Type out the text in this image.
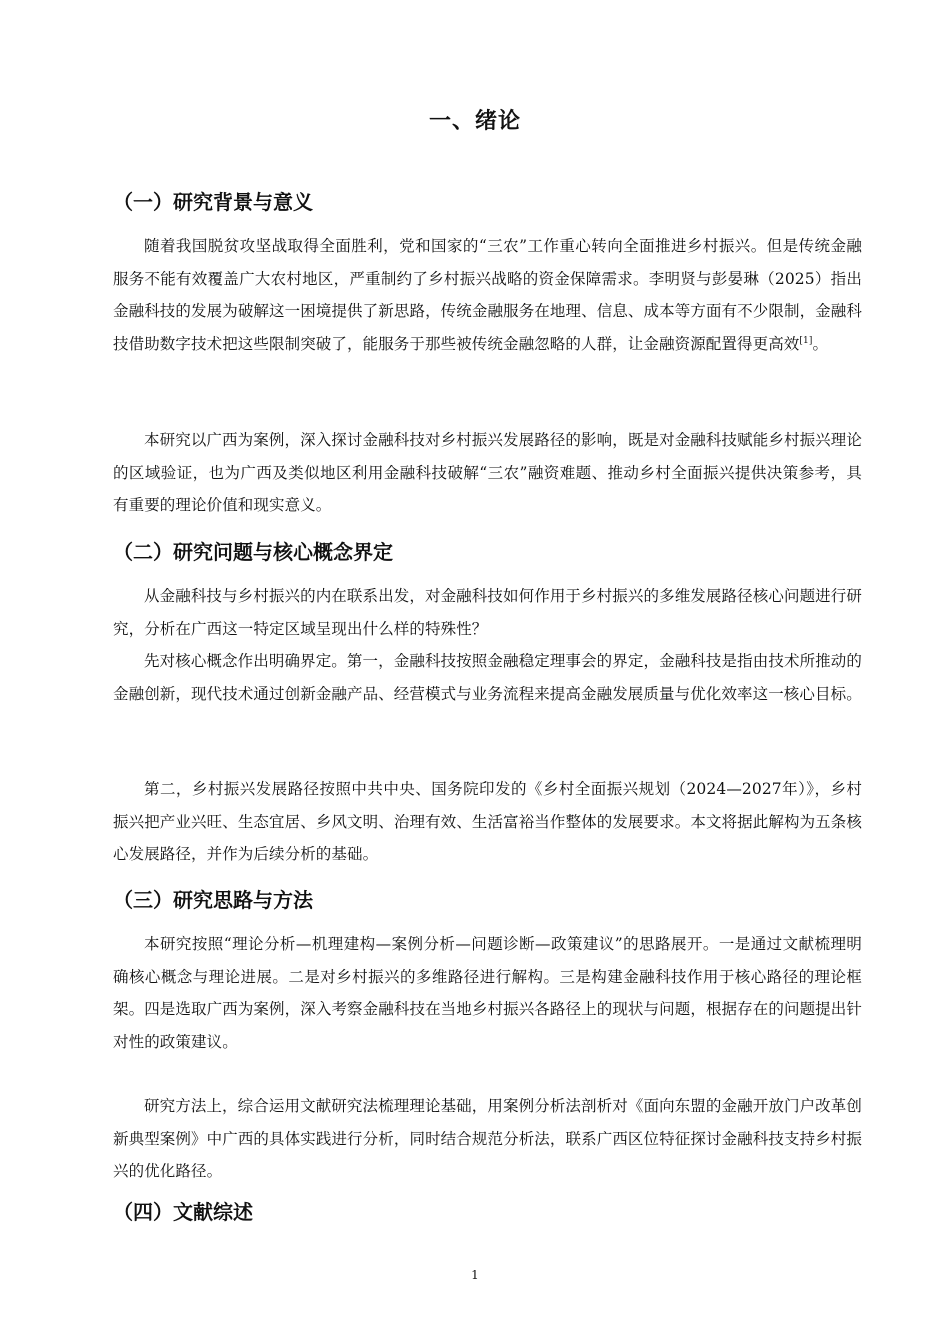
一、绪论
（一）研究背景与意义

随着我国脱贫攻坚战取得全面胜利，党和国家的“三农”工作重心转向全面推进乡村振兴。但是传统金融服务不能有效覆盖广大农村地区，严重制约了乡村振兴战略的资金保障需求。李明贤与彭晏琳（2025）指出金融科技的发展为破解这一困境提供了新思路，传统金融服务在地理、信息、成本等方面有不少限制，金融科技借助数字技术把这些限制突破了，能服务于那些被传统金融忽略的人群，让金融资源配置得更高效[1]。

本研究以广西为案例，深入探讨金融科技对乡村振兴发展路径的影响，既是对金融科技赋能乡村振兴理论的区域验证，也为广西及类似地区利用金融科技破解“三农”融资难题、推动乡村全面振兴提供决策参考，具有重要的理论价值和现实意义。

（二）研究问题与核心概念界定

从金融科技与乡村振兴的内在联系出发，对金融科技如何作用于乡村振兴的多维发展路径核心问题进行研究，分析在广西这一特定区域呈现出什么样的特殊性？

先对核心概念作出明确界定。第一，金融科技按照金融稳定理事会的界定，金融科技是指由技术所推动的金融创新，现代技术通过创新金融产品、经营模式与业务流程来提高金融发展质量与优化效率这一核心目标。

第二，乡村振兴发展路径按照中共中央、国务院印发的《乡村全面振兴规划（2024—2027年）》，乡村振兴把产业兴旺、生态宜居、乡风文明、治理有效、生活富裕当作整体的发展要求。本文将据此解构为五条核心发展路径，并作为后续分析的基础。

（三）研究思路与方法

本研究按照“理论分析—机理建构—案例分析—问题诊断—政策建议”的思路展开。一是通过文献梳理明确核心概念与理论进展。二是对乡村振兴的多维路径进行解构。三是构建金融科技作用于核心路径的理论框架。四是选取广西为案例，深入考察金融科技在当地乡村振兴各路径上的现状与问题，根据存在的问题提出针对性的政策建议。

研究方法上，综合运用文献研究法梳理理论基础，用案例分析法剖析对《面向东盟的金融开放门户改革创新典型案例》中广西的具体实践进行分析，同时结合规范分析法，联系广西区位特征探讨金融科技支持乡村振兴的优化路径。

（四）文献综述
1
